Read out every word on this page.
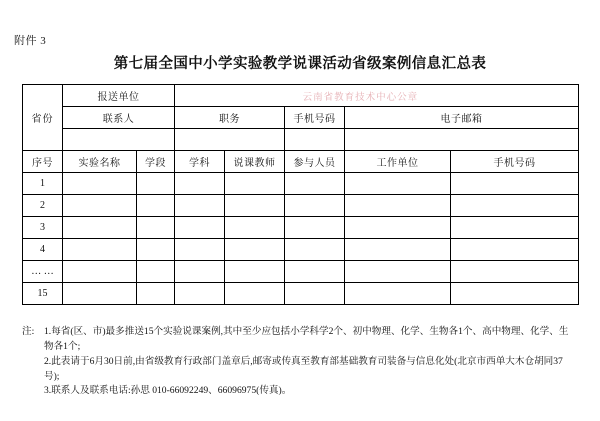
附件 3
第七届全国中小学实验教学说课活动省级案例信息汇总表
省份	报送单位		云南省教育技术中心公章				

	联系人		职务		手机号码	电子邮箱	

序号	实验名称	学段	学科	说课教师	参与人员	工作单位	手机号码
1							
2							
3							
4							
… …							
15							
注: 1.每省(区、市)最多推送15个实验说课案例,其中至少应包括小学科学2个、初中物理、化学、生物各1个、高中物理、化学、生物各1个;
2.此表请于6月30日前,由省级教育行政部门盖章后,邮寄或传真至教育部基础教育司装备与信息化处(北京市西单大木仓胡同37号);
3.联系人及联系电话:孙思 010-66092249、66096975(传真)。
